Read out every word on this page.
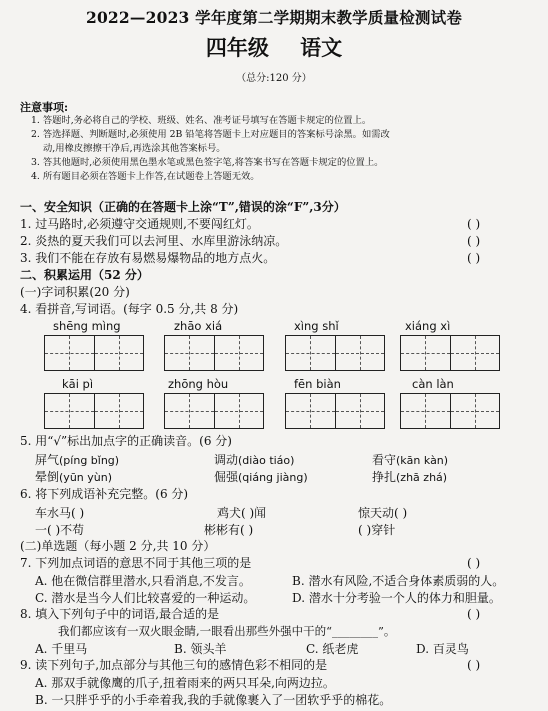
2022—2023 学年度第二学期期末教学质量检测试卷
四年级 语文
（总分:120 分）
注意事项:
1. 答题时,务必将自己的学校、班级、姓名、准考证号填写在答题卡规定的位置上。
2. 答选择题、判断题时,必须使用 2B 铅笔将答题卡上对应题目的答案标号涂黑。如需改
动,用橡皮擦擦干净后,再选涂其他答案标号。
3. 答其他题时,必须使用黑色墨水笔或黑色签字笔,将答案书写在答题卡规定的位置上。
4. 所有题目必须在答题卡上作答,在试题卷上答题无效。
一、安全知识（正确的在答题卡上涂“T”,错误的涂“F”,3分）
1. 过马路时,必须遵守交通规则,不要闯红灯。	( )
2. 炎热的夏天我们可以去河里、水库里游泳纳凉。	( )
3. 我们不能在存放有易燃易爆物品的地方点火。	( )
二、积累运用（52 分）
(一)字词积累(20 分)
4. 看拼音,写词语。(每字 0.5 分,共 8 分)
shēng mìng	zhāo xiá	xìng shǐ	xiáng xì
kāi pì	zhōng hòu	fēn biàn	càn làn
5. 用“√”标出加点字的正确读音。(6 分)
屏气(píng bǐng)	调动(diào tiáo)	看守(kān kàn)
晕倒(yūn yùn)	倔强(qiáng jiàng)	挣扎(zhā zhá)
6. 将下列成语补充完整。(6 分)
车水马( )	鸡犬( )闻	惊天动( )
一( )不苟	彬彬有( )	( )穿针
(二)单选题（每小题 2 分,共 10 分）
7. 下列加点词语的意思不同于其他三项的是	( )
A. 他在微信群里潜水,只看消息,不发言。	B. 潜水有风险,不适合身体素质弱的人。
C. 潜水是当今人们比较喜爱的一种运动。	D. 潜水十分考验一个人的体力和胆量。
8. 填入下列句子中的词语,最合适的是	( )
我们都应该有一双火眼金睛,一眼看出那些外强中干的“________”。
A. 千里马	B. 领头羊	C. 纸老虎	D. 百灵鸟
9. 读下列句子,加点部分与其他三句的感情色彩不相同的是	( )
A. 那双手就像鹰的爪子,扭着雨来的两只耳朵,向两边拉。
B. 一只胖乎乎的小手牵着我,我的手就像裹入了一团软乎乎的棉花。
